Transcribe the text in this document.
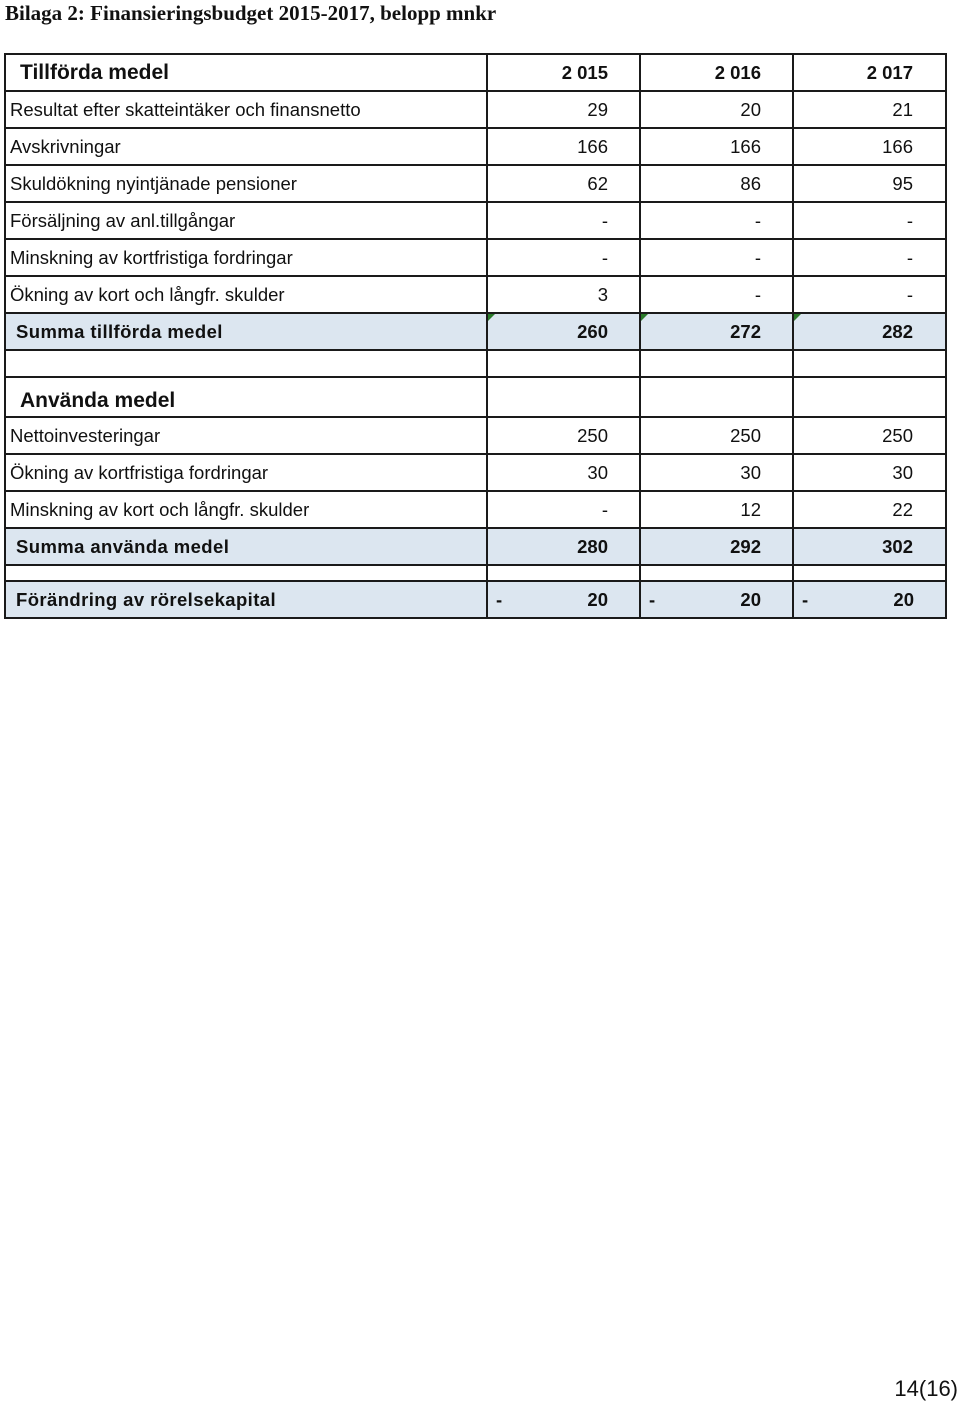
Bilaga 2: Finansieringsbudget 2015-2017, belopp mnkr
Tillförda medel	2 015	2 016	2 017
Resultat efter skatteintäker och finansnetto	29	20	21
Avskrivningar	166	166	166
Skuldökning nyintjänade pensioner	62	86	95
Försäljning av anl.tillgångar	-	-	-
Minskning av kortfristiga fordringar	-	-	-
Ökning av kort och långfr. skulder	3	-	-
Summa tillförda medel	260	272	282

Använda medel			
Nettoinvesteringar	250	250	250
Ökning av kortfristiga fordringar	30	30	30
Minskning av kort och långfr. skulder	-	12	22
Summa använda medel	280	292	302

Förändring av rörelsekapital	- 20	- 20	- 20
14(16)
